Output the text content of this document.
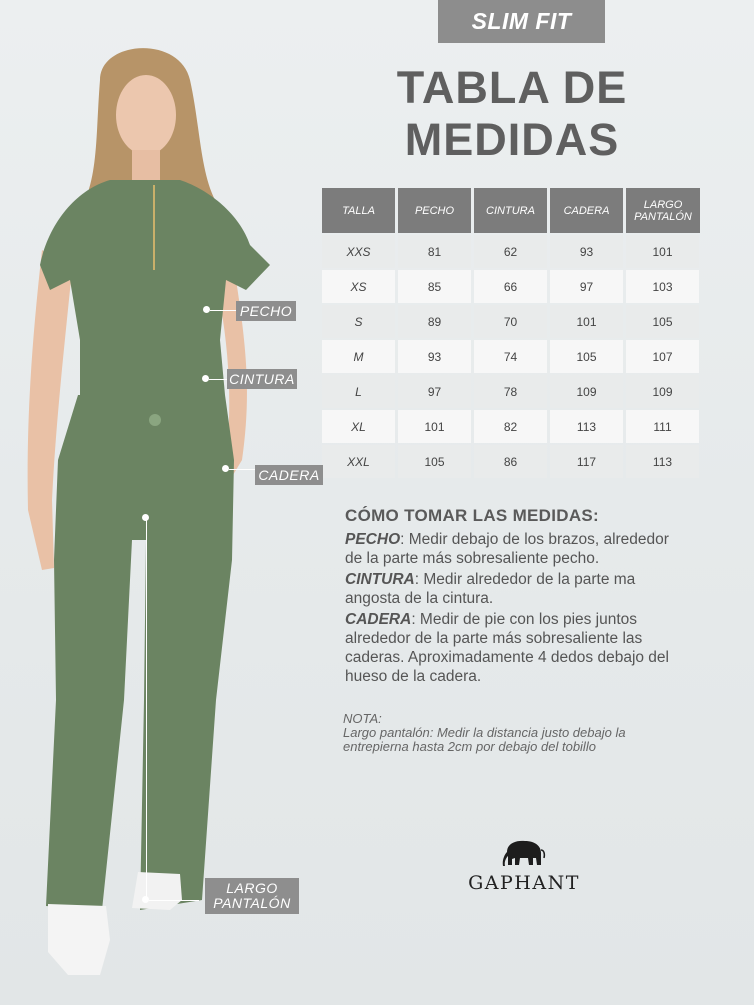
SLIM FIT
TABLA DE
MEDIDAS
TALLA	PECHO	CINTURA	CADERA	LARGO PANTALÓN
XXS	81	62	93	101
XS	85	66	97	103
S	89	70	101	105
M	93	74	105	107
L	97	78	109	109
XL	101	82	113	111
XXL	105	86	117	113
CÓMO TOMAR LAS MEDIDAS:

PECHO: Medir debajo de los brazos, alrededor de la parte más sobresaliente pecho.

CINTURA: Medir alrededor de la parte ma angosta de la cintura.

CADERA: Medir de pie con los pies juntos alrededor de la parte más sobresaliente las caderas. Aproximadamente 4 dedos debajo del hueso de la cadera.

NOTA:
Largo pantalón: Medir la distancia justo debajo la entrepierna hasta 2cm por debajo del tobillo
GAPHANT
PECHO
CINTURA
CADERA
LARGO PANTALÓN
